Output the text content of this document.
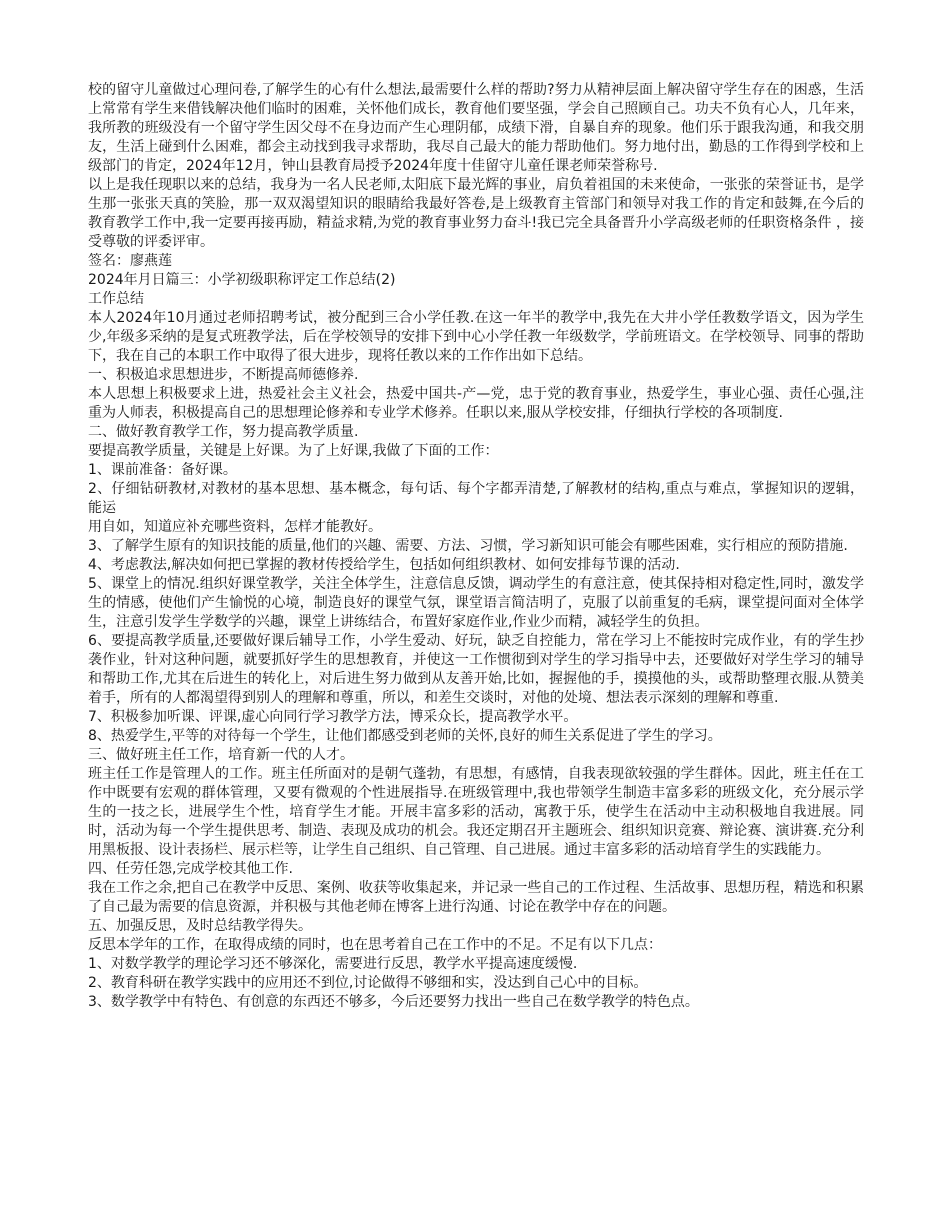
校的留守儿童做过心理问卷,了解学生的心有什么想法,最需要什么样的帮助?努力从精神层面上解决留守学生存在的困惑，生活上常常有学生来借钱解决他们临时的困难，关怀他们成长，教育他们要坚强，学会自己照顾自己。功夫不负有心人，几年来，我所教的班级没有一个留守学生因父母不在身边而产生心理阴郁，成绩下滑，自暴自弃的现象。他们乐于跟我沟通，和我交朋友，生活上碰到什么困难，都会主动找到我寻求帮助，我尽自己最大的能力帮助他们。努力地付出，勤恳的工作得到学校和上级部门的肯定，2024年12月，钟山县教育局授予2024年度十佳留守儿童任课老师荣誉称号.

以上是我任现职以来的总结，我身为一名人民老师,太阳底下最光辉的事业，肩负着祖国的未来使命，一张张的荣誉证书，是学生那一张张天真的笑脸，那一双双渴望知识的眼睛给我最好答卷,是上级教育主管部门和领导对我工作的肯定和鼓舞,在今后的教育教学工作中,我一定要再接再励，精益求精,为党的教育事业努力奋斗!我已完全具备晋升小学高级老师的任职资格条件 ，接受尊敬的评委评审。

签名：廖燕莲

2024年月日篇三：小学初级职称评定工作总结(2)

工作总结

本人2024年10月通过老师招聘考试，被分配到三合小学任教.在这一年半的教学中,我先在大井小学任教数学语文，因为学生少,年级多采纳的是复式班教学法，后在学校领导的安排下到中心小学任教一年级数学，学前班语文。在学校领导、同事的帮助下，我在自己的本职工作中取得了很大进步，现将任教以来的工作作出如下总结。

一、积极追求思想进步，不断提高师德修养.

本人思想上积极要求上进，热爱社会主义社会，热爱中国共-产—党，忠于党的教育事业，热爱学生，事业心强、责任心强,注重为人师表，积极提高自己的思想理论修养和专业学术修养。任职以来,服从学校安排，仔细执行学校的各项制度.

二、做好教育教学工作，努力提高教学质量.

要提高教学质量，关键是上好课。为了上好课,我做了下面的工作：

1、课前准备：备好课。

2、仔细钻研教材,对教材的基本思想、基本概念，每句话、每个字都弄清楚,了解教材的结构,重点与难点，掌握知识的逻辑，能运

用自如，知道应补充哪些资料，怎样才能教好。

3、了解学生原有的知识技能的质量,他们的兴趣、需要、方法、习惯，学习新知识可能会有哪些困难，实行相应的预防措施.

4、考虑教法,解决如何把已掌握的教材传授给学生，包括如何组织教材、如何安排每节课的活动.

5、课堂上的情况.组织好课堂教学，关注全体学生，注意信息反馈，调动学生的有意注意，使其保持相对稳定性,同时，激发学生的情感，使他们产生愉悦的心境，制造良好的课堂气氛，课堂语言简洁明了，克服了以前重复的毛病，课堂提问面对全体学生，注意引发学生学数学的兴趣，课堂上讲练结合，布置好家庭作业,作业少而精，减轻学生的负担。

6、要提高教学质量,还要做好课后辅导工作，小学生爱动、好玩，缺乏自控能力，常在学习上不能按时完成作业，有的学生抄袭作业，针对这种问题，就要抓好学生的思想教育，并使这一工作惯彻到对学生的学习指导中去，还要做好对学生学习的辅导和帮助工作,尤其在后进生的转化上，对后进生努力做到从友善开始,比如，握握他的手，摸摸他的头，或帮助整理衣服.从赞美着手，所有的人都渴望得到别人的理解和尊重，所以，和差生交谈时，对他的处境、想法表示深刻的理解和尊重.

7、积极参加听课、评课,虚心向同行学习教学方法，博采众长，提高教学水平。

8、热爱学生,平等的对待每一个学生，让他们都感受到老师的关怀,良好的师生关系促进了学生的学习。

三、做好班主任工作，培育新一代的人才。

班主任工作是管理人的工作。班主任所面对的是朝气蓬勃，有思想，有感情，自我表现欲较强的学生群体。因此，班主任在工作中既要有宏观的群体管理，又要有微观的个性进展指导.在班级管理中,我也带领学生制造丰富多彩的班级文化，充分展示学生的一技之长，进展学生个性，培育学生才能。开展丰富多彩的活动，寓教于乐，使学生在活动中主动积极地自我进展。同时，活动为每一个学生提供思考、制造、表现及成功的机会。我还定期召开主题班会、组织知识竞赛、辩论赛、演讲赛.充分利用黑板报、设计表扬栏、展示栏等，让学生自己组织、自己管理、自己进展。通过丰富多彩的活动培育学生的实践能力。

四、任劳任怨,完成学校其他工作.

我在工作之余,把自己在教学中反思、案例、收获等收集起来，并记录一些自己的工作过程、生活故事、思想历程，精选和积累了自己最为需要的信息资源，并积极与其他老师在博客上进行沟通、讨论在教学中存在的问题。

五、加强反思，及时总结教学得失。

反思本学年的工作，在取得成绩的同时，也在思考着自己在工作中的不足。不足有以下几点：

1、对数学教学的理论学习还不够深化，需要进行反思，教学水平提高速度缓慢.

2、教育科研在教学实践中的应用还不到位,讨论做得不够细和实，没达到自己心中的目标。

3、数学教学中有特色、有创意的东西还不够多，今后还要努力找出一些自己在数学教学的特色点。
